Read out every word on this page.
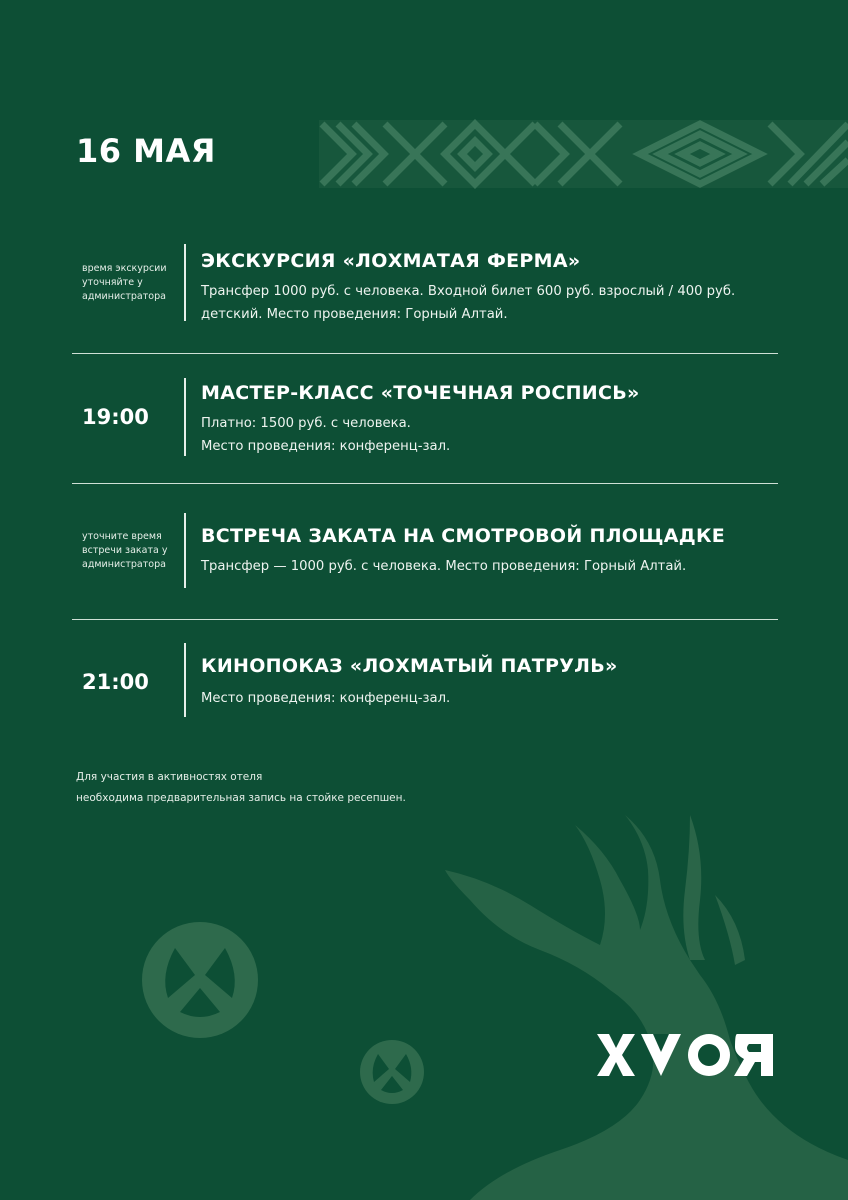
16 МАЯ
время экскурсии уточняйте у администратора
ЭКСКУРСИЯ «ЛОХМАТАЯ ФЕРМА»
Трансфер 1000 руб. с человека. Входной билет 600 руб. взрослый / 400 руб. детский. Место проведения: Горный Алтай.
19:00
МАСТЕР-КЛАСС «ТОЧЕЧНАЯ РОСПИСЬ»
Платно: 1500 руб. с человека.
Место проведения: конференц-зал.
уточните время встречи заката у администратора
ВСТРЕЧА ЗАКАТА НА СМОТРОВОЙ ПЛОЩАДКЕ
Трансфер — 1000 руб. с человека. Место проведения: Горный Алтай.
21:00
КИНОПОКАЗ «ЛОХМАТЫЙ ПАТРУЛЬ»
Место проведения: конференц-зал.
Для участия в активностях отеля
необходима предварительная запись на стойке ресепшен.
